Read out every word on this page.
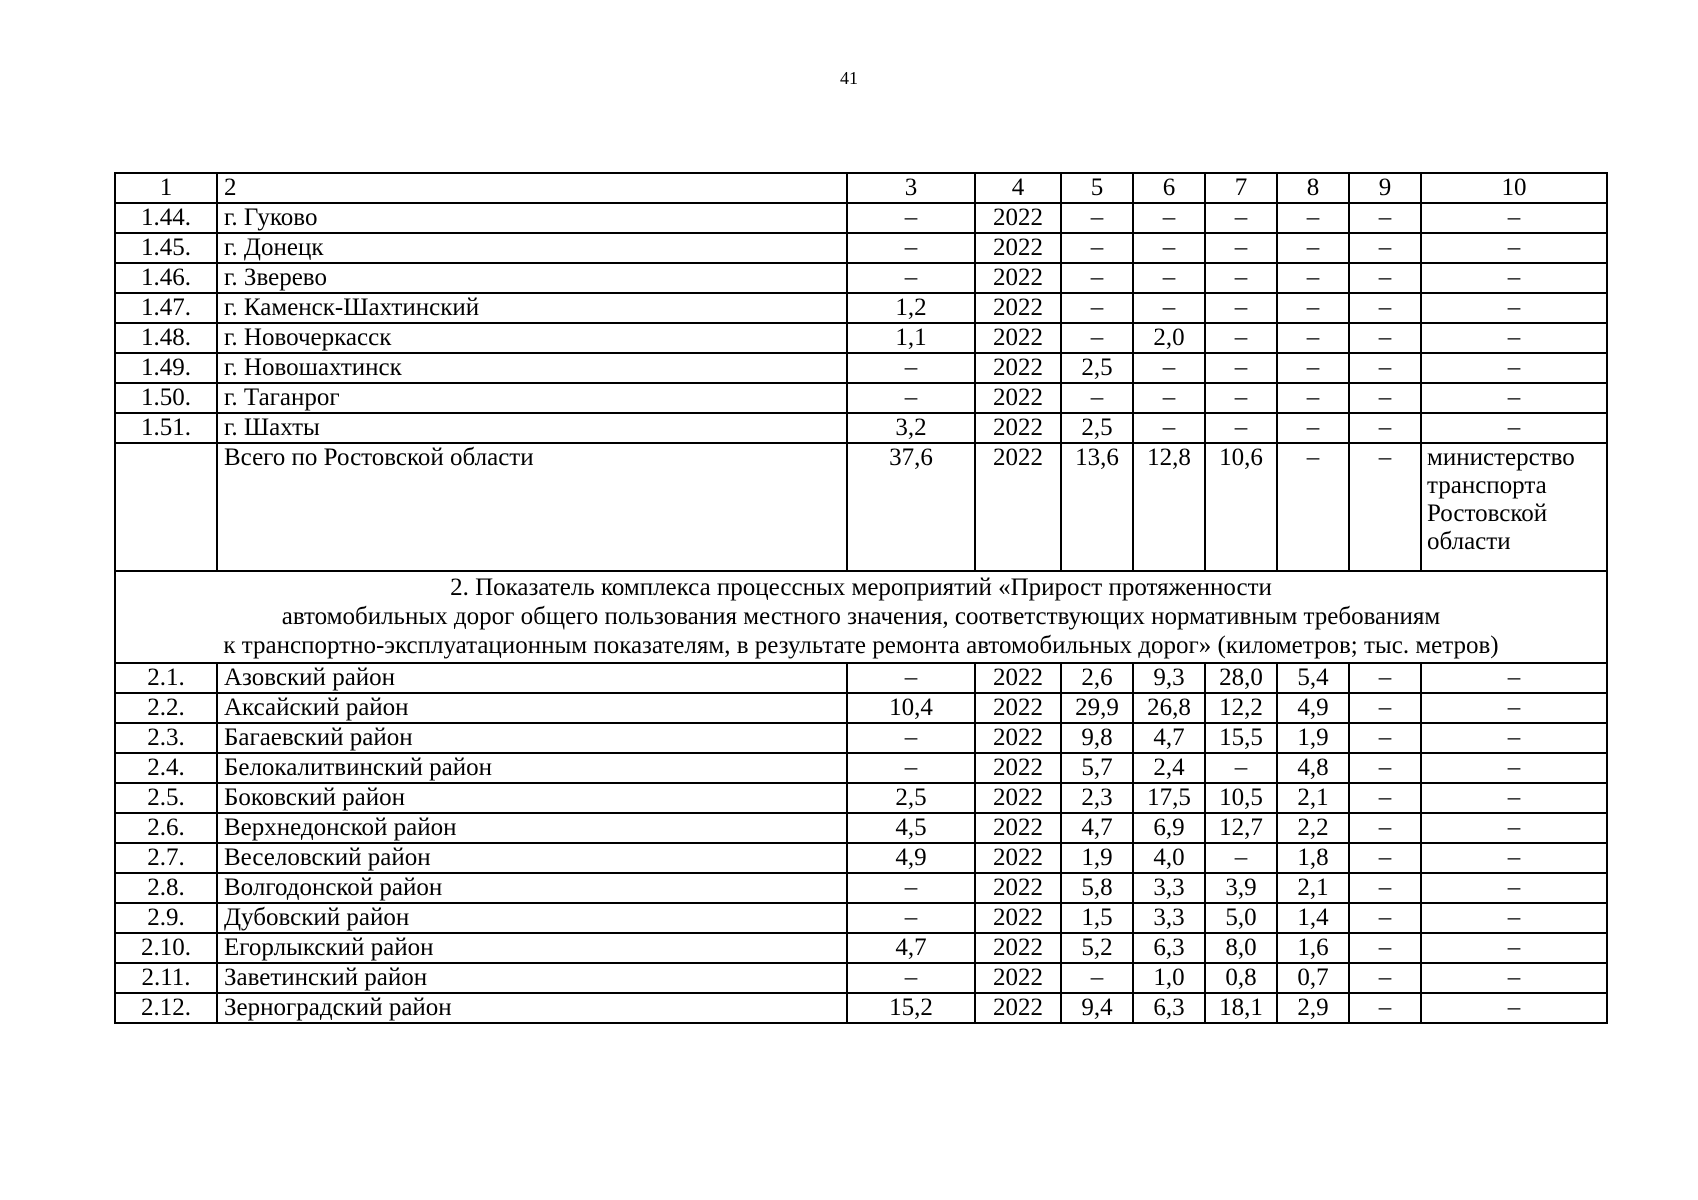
41
1	2	3	4	5	6	7	8	9	10
1.44.	г. Гуково	–	2022	–	–	–	–	–	–
1.45.	г. Донецк	–	2022	–	–	–	–	–	–
1.46.	г. Зверево	–	2022	–	–	–	–	–	–
1.47.	г. Каменск-Шахтинский	1,2	2022	–	–	–	–	–	–
1.48.	г. Новочеркасск	1,1	2022	–	2,0	–	–	–	–
1.49.	г. Новошахтинск	–	2022	2,5	–	–	–	–	–
1.50.	г. Таганрог	–	2022	–	–	–	–	–	–
1.51.	г. Шахты	3,2	2022	2,5	–	–	–	–	–
	Всего по Ростовской области	37,6	2022	13,6	12,8	10,6	–	–	министерство транспорта Ростовской области

2. Показатель комплекса процессных мероприятий «Прирост протяженности
автомобильных дорог общего пользования местного значения, соответствующих нормативным требованиям
к транспортно-эксплуатационным показателям, в результате ремонта автомобильных дорог» (километров; тыс. метров)									

2.1.	Азовский район	–	2022	2,6	9,3	28,0	5,4	–	–
2.2.	Аксайский район	10,4	2022	29,9	26,8	12,2	4,9	–	–
2.3.	Багаевский район	–	2022	9,8	4,7	15,5	1,9	–	–
2.4.	Белокалитвинский район	–	2022	5,7	2,4	–	4,8	–	–
2.5.	Боковский район	2,5	2022	2,3	17,5	10,5	2,1	–	–
2.6.	Верхнедонской район	4,5	2022	4,7	6,9	12,7	2,2	–	–
2.7.	Веселовский район	4,9	2022	1,9	4,0	–	1,8	–	–
2.8.	Волгодонской район	–	2022	5,8	3,3	3,9	2,1	–	–
2.9.	Дубовский район	–	2022	1,5	3,3	5,0	1,4	–	–
2.10.	Егорлыкский район	4,7	2022	5,2	6,3	8,0	1,6	–	–
2.11.	Заветинский район	–	2022	–	1,0	0,8	0,7	–	–
2.12.	Зерноградский район	15,2	2022	9,4	6,3	18,1	2,9	–	–
